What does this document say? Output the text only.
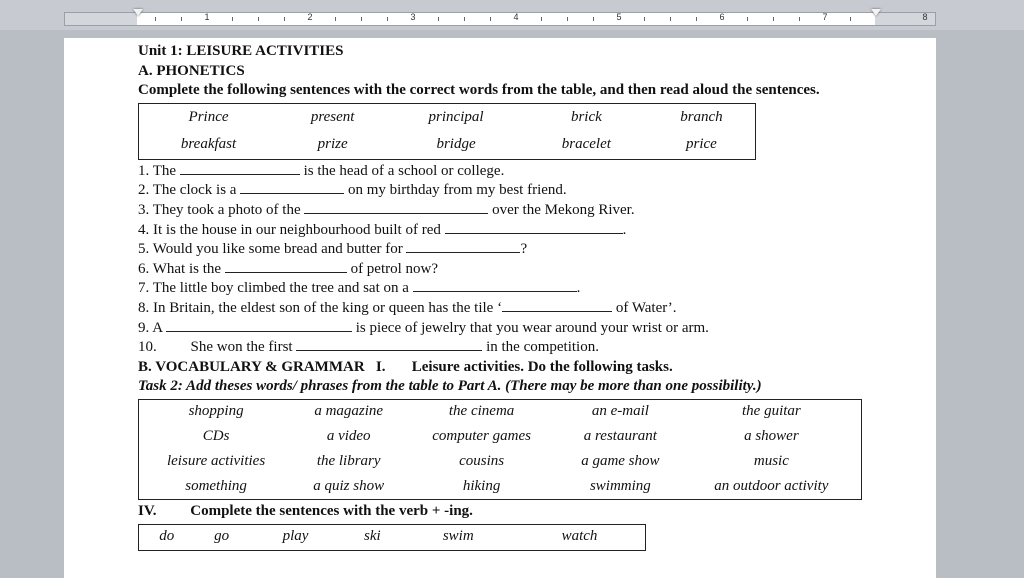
1	2	3	4	5	6	7	8
Unit 1: LEISURE ACTIVITIES
A. PHONETICS
Complete the following sentences with the correct words from the table, and then read aloud the sentences.
Prince	present	principal	brick	branch
breakfast	prize	bridge	bracelet	price
1. The	is the head of a school or college.
2. The clock is a	on my birthday from my best friend.
3. They took a photo of the	over the Mekong River.
4. It is the house in our neighbourhood built of red	.
5. Would you like some bread and butter for	?
6. What is the	of petrol now?
7. The little boy climbed the tree and sat on a	.
8. In Britain, the eldest son of the king or queen has the tile ‘	of Water’.
9. A	is piece of jewelry that you wear around your wrist or arm.
10. She won the first	in the competition.
B. VOCABULARY & GRAMMAR I. Leisure activities. Do the following tasks.
Task 2: Add theses words/ phrases from the table to Part A. (There may be more than one possibility.)
shopping	a magazine	the cinema	an e-mail	the guitar
CDs	a video	computer games	a restaurant	a shower
leisure activities	the library	cousins	a game show	music
something	a quiz show	hiking	swimming	an outdoor activity
IV. Complete the sentences with the verb + -ing.
do	go	play	ski	swim	watch
